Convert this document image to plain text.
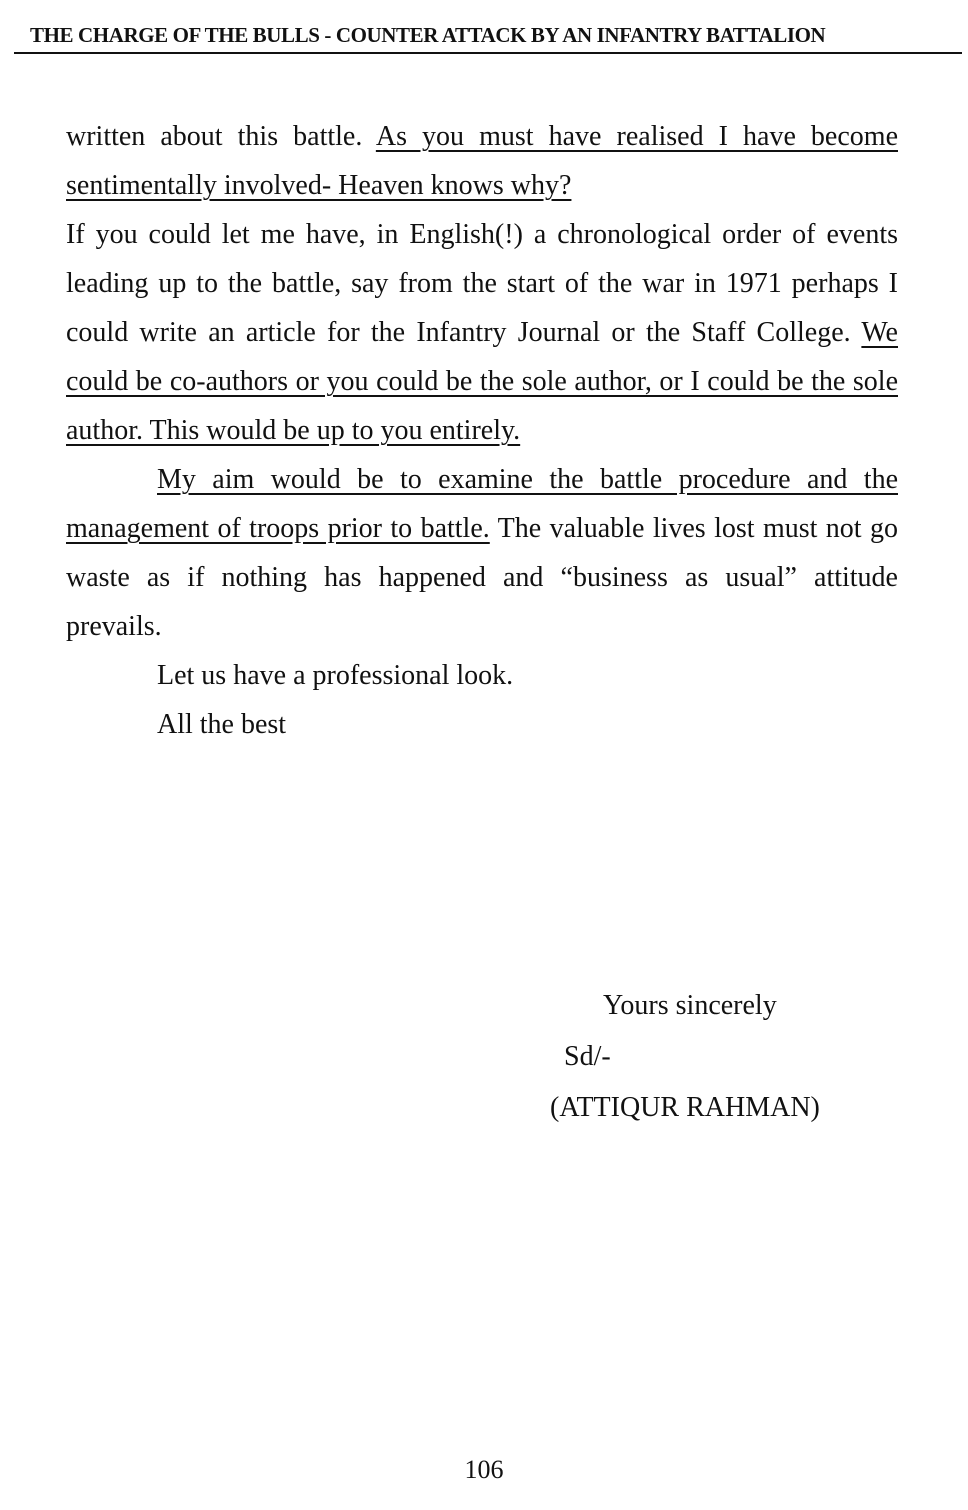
THE CHARGE OF THE BULLS - COUNTER ATTACK BY AN INFANTRY BATTALION

written about this battle. As you must have realised I have become sentimentally involved- Heaven knows why?

If you could let me have, in English(!) a chronological order of events leading up to the battle, say from the start of the war in 1971 perhaps I could write an article for the Infantry Journal or the Staff College. We could be co-authors or you could be the sole author, or I could be the sole author. This would be up to you entirely.

My aim would be to examine the battle procedure and the management of troops prior to battle. The valuable lives lost must not go waste as if nothing has happened and “business as usual” attitude prevails.

Let us have a professional look.

All the best

Yours sincerely
Sd/-
(ATTIQUR RAHMAN)
106
